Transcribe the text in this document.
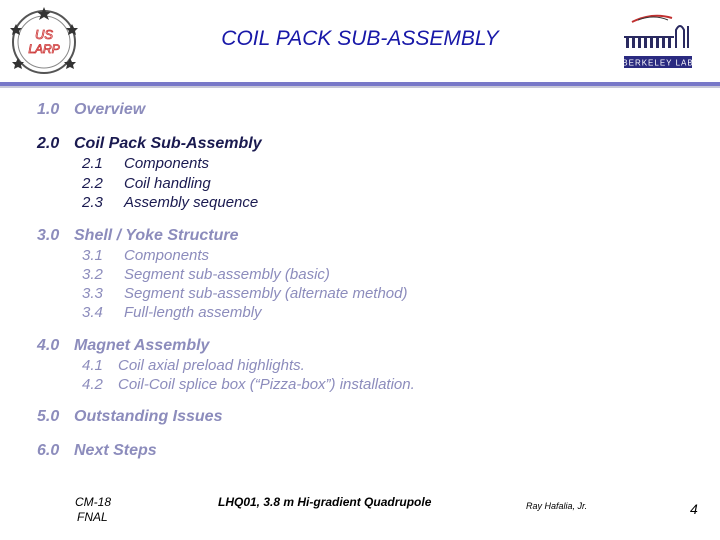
US
LARP	COIL PACK SUB-ASSEMBLY
BERKELEY LAB
1.0 Overview
2.0 Coil Pack Sub-Assembly
2.1 Components
2.2 Coil handling
2.3 Assembly sequence
3.0 Shell / Yoke Structure
3.1 Components
3.2 Segment sub-assembly (basic)
3.3 Segment sub-assembly (alternate method)
3.4 Full-length assembly
4.0 Magnet Assembly
4.1 Coil axial preload highlights.
4.2 Coil-Coil splice box (“Pizza-box”) installation.
5.0 Outstanding Issues
6.0 Next Steps
CM-18
FNAL
LHQ01, 3.8 m Hi-gradient Quadrupole	Ray Hafalia, Jr.	4
